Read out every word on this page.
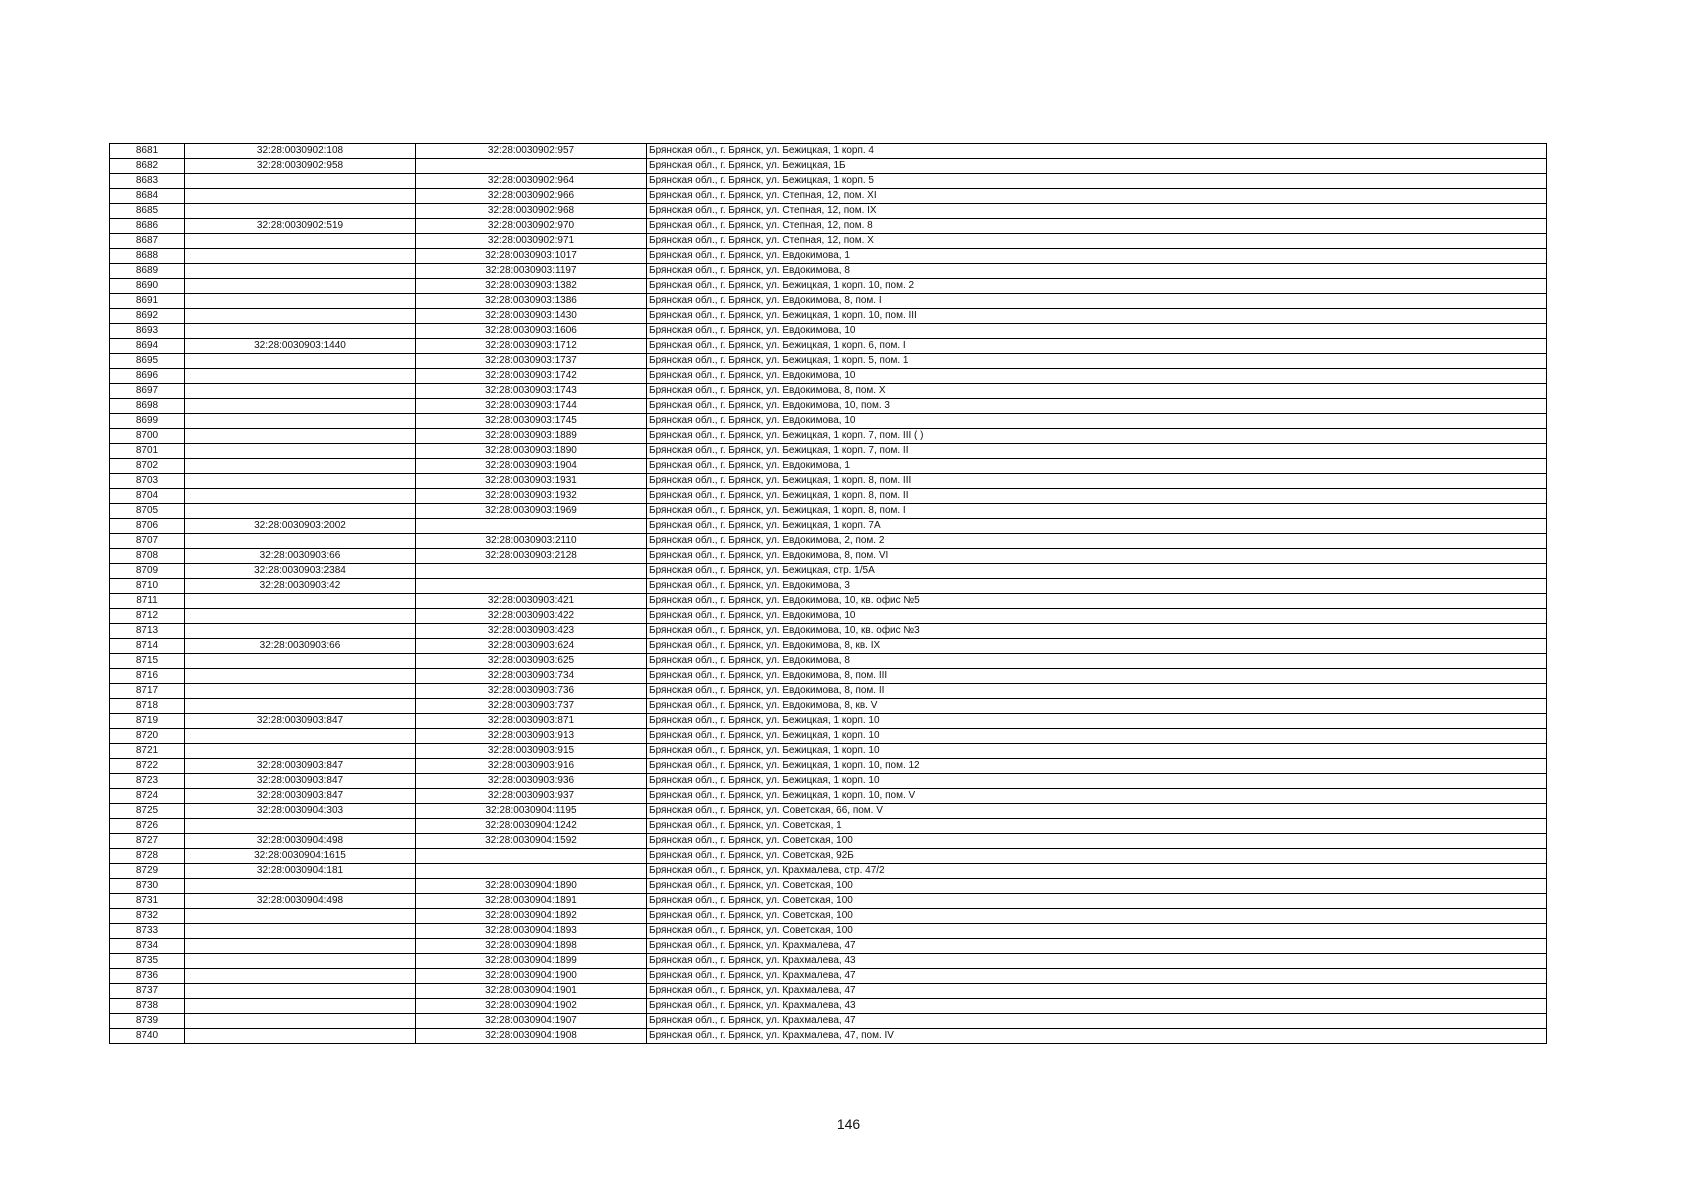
8681	32:28:0030902:108	32:28:0030902:957	Брянская обл., г. Брянск, ул. Бежицкая, 1 корп. 4
8682	32:28:0030902:958		Брянская обл., г. Брянск, ул. Бежицкая, 1Б
8683		32:28:0030902:964	Брянская обл., г. Брянск, ул. Бежицкая, 1 корп. 5
8684		32:28:0030902:966	Брянская обл., г. Брянск, ул. Степная, 12, пом. XI
8685		32:28:0030902:968	Брянская обл., г. Брянск, ул. Степная, 12, пом. IX
8686	32:28:0030902:519	32:28:0030902:970	Брянская обл., г. Брянск, ул. Степная, 12, пом. 8
8687		32:28:0030902:971	Брянская обл., г. Брянск, ул. Степная, 12, пом. X
8688		32:28:0030903:1017	Брянская обл., г. Брянск, ул. Евдокимова, 1
8689		32:28:0030903:1197	Брянская обл., г. Брянск, ул. Евдокимова, 8
8690		32:28:0030903:1382	Брянская обл., г. Брянск, ул. Бежицкая, 1 корп. 10, пом. 2
8691		32:28:0030903:1386	Брянская обл., г. Брянск, ул. Евдокимова, 8, пом. I
8692		32:28:0030903:1430	Брянская обл., г. Брянск, ул. Бежицкая, 1 корп. 10, пом. III
8693		32:28:0030903:1606	Брянская обл., г. Брянск, ул. Евдокимова, 10
8694	32:28:0030903:1440	32:28:0030903:1712	Брянская обл., г. Брянск, ул. Бежицкая, 1 корп. 6, пом. I
8695		32:28:0030903:1737	Брянская обл., г. Брянск, ул. Бежицкая, 1 корп. 5, пом. 1
8696		32:28:0030903:1742	Брянская обл., г. Брянск, ул. Евдокимова, 10
8697		32:28:0030903:1743	Брянская обл., г. Брянск, ул. Евдокимова, 8, пом. X
8698		32:28:0030903:1744	Брянская обл., г. Брянск, ул. Евдокимова, 10, пом. 3
8699		32:28:0030903:1745	Брянская обл., г. Брянск, ул. Евдокимова, 10
8700		32:28:0030903:1889	Брянская обл., г. Брянск, ул. Бежицкая, 1 корп. 7, пом. III ( )
8701		32:28:0030903:1890	Брянская обл., г. Брянск, ул. Бежицкая, 1 корп. 7, пом. II
8702		32:28:0030903:1904	Брянская обл., г. Брянск, ул. Евдокимова, 1
8703		32:28:0030903:1931	Брянская обл., г. Брянск, ул. Бежицкая, 1 корп. 8, пом. III
8704		32:28:0030903:1932	Брянская обл., г. Брянск, ул. Бежицкая, 1 корп. 8, пом. II
8705		32:28:0030903:1969	Брянская обл., г. Брянск, ул. Бежицкая, 1 корп. 8, пом. I
8706	32:28:0030903:2002		Брянская обл., г. Брянск, ул. Бежицкая, 1 корп. 7А
8707		32:28:0030903:2110	Брянская обл., г. Брянск, ул. Евдокимова, 2, пом. 2
8708	32:28:0030903:66	32:28:0030903:2128	Брянская обл., г. Брянск, ул. Евдокимова, 8, пом. VI
8709	32:28:0030903:2384		Брянская обл., г. Брянск, ул. Бежицкая, стр. 1/5А
8710	32:28:0030903:42		Брянская обл., г. Брянск, ул. Евдокимова, 3
8711		32:28:0030903:421	Брянская обл., г. Брянск, ул. Евдокимова, 10, кв. офис №5
8712		32:28:0030903:422	Брянская обл., г. Брянск, ул. Евдокимова, 10
8713		32:28:0030903:423	Брянская обл., г. Брянск, ул. Евдокимова, 10, кв. офис №3
8714	32:28:0030903:66	32:28:0030903:624	Брянская обл., г. Брянск, ул. Евдокимова, 8, кв. IX
8715		32:28:0030903:625	Брянская обл., г. Брянск, ул. Евдокимова, 8
8716		32:28:0030903:734	Брянская обл., г. Брянск, ул. Евдокимова, 8, пом. III
8717		32:28:0030903:736	Брянская обл., г. Брянск, ул. Евдокимова, 8, пом. II
8718		32:28:0030903:737	Брянская обл., г. Брянск, ул. Евдокимова, 8, кв. V
8719	32:28:0030903:847	32:28:0030903:871	Брянская обл., г. Брянск, ул. Бежицкая, 1 корп. 10
8720		32:28:0030903:913	Брянская обл., г. Брянск, ул. Бежицкая, 1 корп. 10
8721		32:28:0030903:915	Брянская обл., г. Брянск, ул. Бежицкая, 1 корп. 10
8722	32:28:0030903:847	32:28:0030903:916	Брянская обл., г. Брянск, ул. Бежицкая, 1 корп. 10, пом. 12
8723	32:28:0030903:847	32:28:0030903:936	Брянская обл., г. Брянск, ул. Бежицкая, 1 корп. 10
8724	32:28:0030903:847	32:28:0030903:937	Брянская обл., г. Брянск, ул. Бежицкая, 1 корп. 10, пом. V
8725	32:28:0030904:303	32:28:0030904:1195	Брянская обл., г. Брянск, ул. Советская, 66, пом. V
8726		32:28:0030904:1242	Брянская обл., г. Брянск, ул. Советская, 1
8727	32:28:0030904:498	32:28:0030904:1592	Брянская обл., г. Брянск, ул. Советская, 100
8728	32:28:0030904:1615		Брянская обл., г. Брянск, ул. Советская, 92Б
8729	32:28:0030904:181		Брянская обл., г. Брянск, ул. Крахмалева, стр. 47/2
8730		32:28:0030904:1890	Брянская обл., г. Брянск, ул. Советская, 100
8731	32:28:0030904:498	32:28:0030904:1891	Брянская обл., г. Брянск, ул. Советская, 100
8732		32:28:0030904:1892	Брянская обл., г. Брянск, ул. Советская, 100
8733		32:28:0030904:1893	Брянская обл., г. Брянск, ул. Советская, 100
8734		32:28:0030904:1898	Брянская обл., г. Брянск, ул. Крахмалева, 47
8735		32:28:0030904:1899	Брянская обл., г. Брянск, ул. Крахмалева, 43
8736		32:28:0030904:1900	Брянская обл., г. Брянск, ул. Крахмалева, 47
8737		32:28:0030904:1901	Брянская обл., г. Брянск, ул. Крахмалева, 47
8738		32:28:0030904:1902	Брянская обл., г. Брянск, ул. Крахмалева, 43
8739		32:28:0030904:1907	Брянская обл., г. Брянск, ул. Крахмалева, 47
8740		32:28:0030904:1908	Брянская обл., г. Брянск, ул. Крахмалева, 47, пом. IV
146
